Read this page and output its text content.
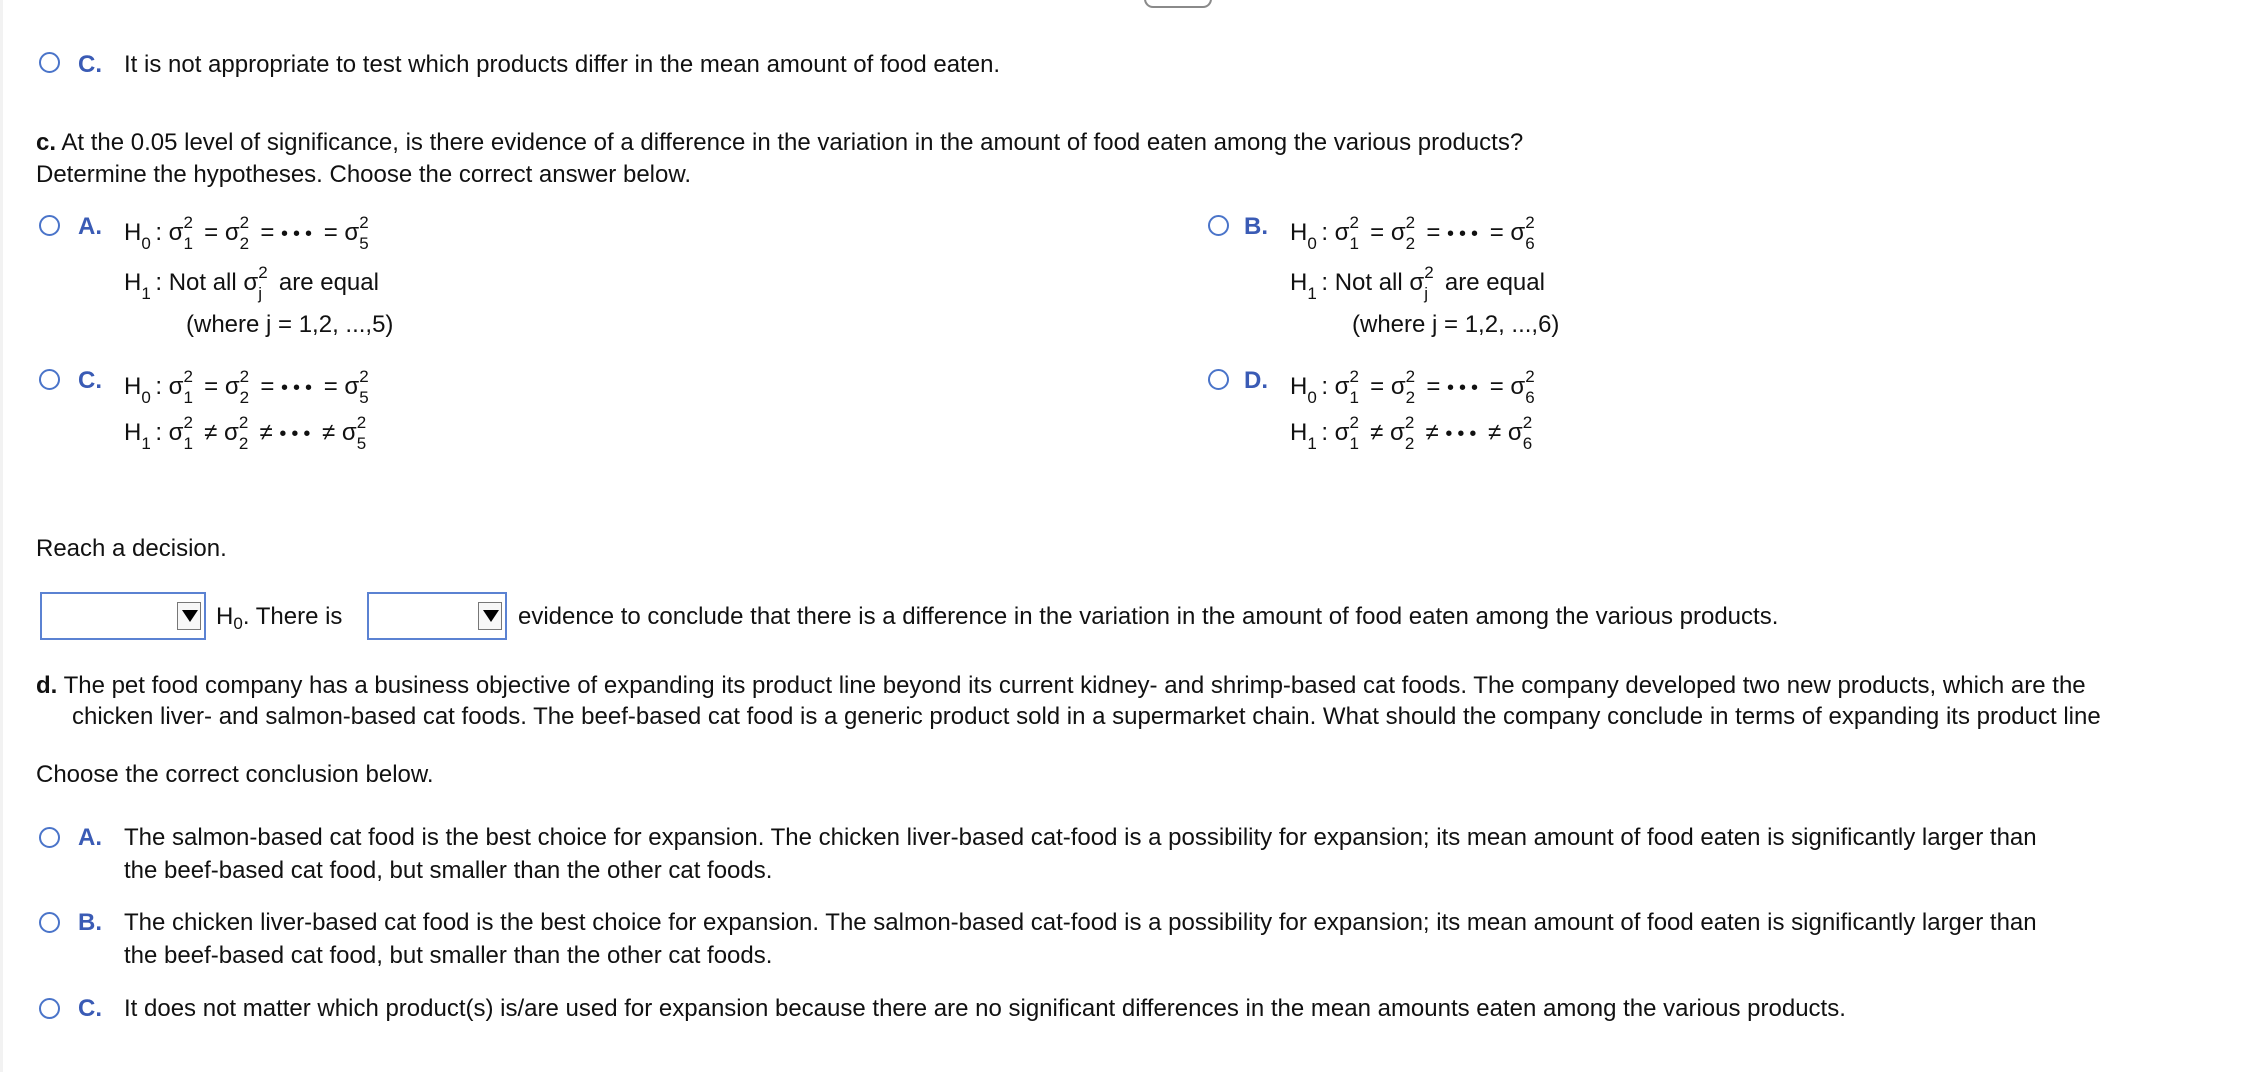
C. It is not appropriate to test which products differ in the mean amount of food eaten.
c. At the 0.05 level of significance, is there evidence of a difference in the variation in the amount of food eaten among the various products?
Determine the hypotheses. Choose the correct answer below.
A. H0 : σ21 = σ22 = ••• = σ25
H1 : Not all σ2j are equal
(where j = 1,2, ...,5)
B. H0 : σ21 = σ22 = ••• = σ26
H1 : Not all σ2j are equal
(where j = 1,2, ...,6)
C. H0 : σ21 = σ22 = ••• = σ25
H1 : σ21 ≠ σ22 ≠ ••• ≠ σ25
D. H0 : σ21 = σ22 = ••• = σ26
H1 : σ21 ≠ σ22 ≠ ••• ≠ σ26
Reach a decision.
H0. There is	evidence to conclude that there is a difference in the variation in the amount of food eaten among the various products.
d. The pet food company has a business objective of expanding its product line beyond its current kidney- and shrimp-based cat foods. The company developed two new products, which are the
chicken liver- and salmon-based cat foods. The beef-based cat food is a generic product sold in a supermarket chain. What should the company conclude in terms of expanding its product line
Choose the correct conclusion below.
A. The salmon-based cat food is the best choice for expansion. The chicken liver-based cat-food is a possibility for expansion; its mean amount of food eaten is significantly larger than
the beef-based cat food, but smaller than the other cat foods.
B. The chicken liver-based cat food is the best choice for expansion. The salmon-based cat-food is a possibility for expansion; its mean amount of food eaten is significantly larger than
the beef-based cat food, but smaller than the other cat foods.
C. It does not matter which product(s) is/are used for expansion because there are no significant differences in the mean amounts eaten among the various products.
